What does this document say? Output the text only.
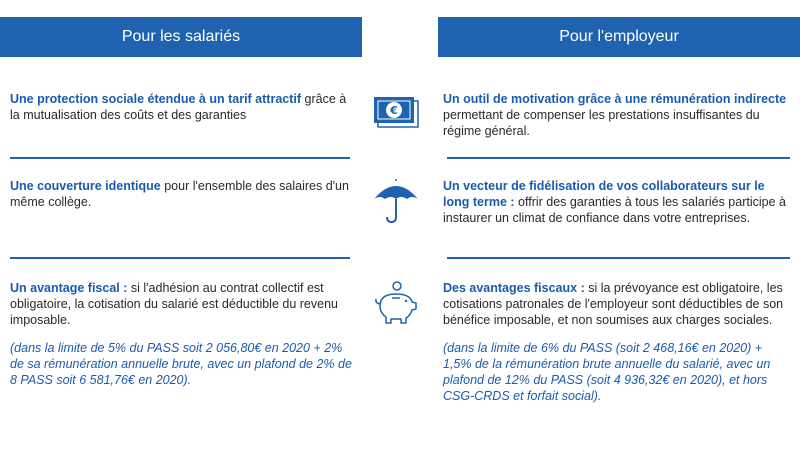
Pour les salariés	Pour l'employeur
Une protection sociale étendue à un tarif attractif grâce à la mutualisation des coûts et des garanties	€
Un outil de motivation grâce à une rémunération indirecte permettant de compenser les prestations insuffisantes du régime général.
Une couverture identique pour l'ensemble des salaires d'un même collège.
Un vecteur de fidélisation de vos collaborateurs sur le long terme : offrir des garanties à tous les salariés participe à instaurer un climat de confiance dans votre entreprises.
Un avantage fiscal : si l'adhésion au contrat collectif est obligatoire, la cotisation du salarié est déductible du revenu imposable.
(dans la limite de 5% du PASS soit 2 056,80€ en 2020 + 2% de sa rémunération annuelle brute, avec un plafond de 2% de 8 PASS soit 6 581,76€ en 2020).
Des avantages fiscaux : si la prévoyance est obligatoire, les cotisations patronales de l'employeur sont déductibles de son bénéfice imposable, et non soumises aux charges sociales.
(dans la limite de 6% du PASS (soit 2 468,16€ en 2020) + 1,5% de la rémunération brute annuelle du salarié, avec un plafond de 12% du PASS (soit 4 936,32€ en 2020), et hors CSG-CRDS et forfait social).
